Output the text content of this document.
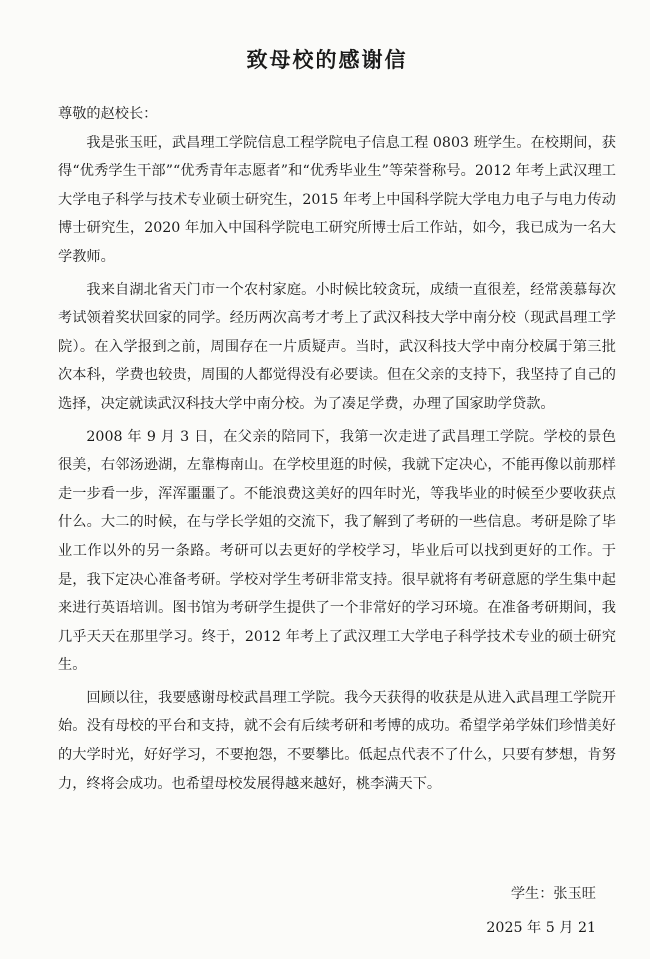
致母校的感谢信

尊敬的赵校长：

我是张玉旺，武昌理工学院信息工程学院电子信息工程 0803 班学生。在校期间，获得“优秀学生干部”“优秀青年志愿者”和“优秀毕业生”等荣誉称号。2012 年考上武汉理工大学电子科学与技术专业硕士研究生，2015 年考上中国科学院大学电力电子与电力传动博士研究生，2020 年加入中国科学院电工研究所博士后工作站，如今，我已成为一名大学教师。

我来自湖北省天门市一个农村家庭。小时候比较贪玩，成绩一直很差，经常羡慕每次考试领着奖状回家的同学。经历两次高考才考上了武汉科技大学中南分校（现武昌理工学院）。在入学报到之前，周围存在一片质疑声。当时，武汉科技大学中南分校属于第三批次本科，学费也较贵，周围的人都觉得没有必要读。但在父亲的支持下，我坚持了自己的选择，决定就读武汉科技大学中南分校。为了凑足学费，办理了国家助学贷款。

2008 年 9 月 3 日，在父亲的陪同下，我第一次走进了武昌理工学院。学校的景色很美，右邻汤逊湖，左靠梅南山。在学校里逛的时候，我就下定决心，不能再像以前那样走一步看一步，浑浑噩噩了。不能浪费这美好的四年时光，等我毕业的时候至少要收获点什么。大二的时候，在与学长学姐的交流下，我了解到了考研的一些信息。考研是除了毕业工作以外的另一条路。考研可以去更好的学校学习，毕业后可以找到更好的工作。于是，我下定决心准备考研。学校对学生考研非常支持。很早就将有考研意愿的学生集中起来进行英语培训。图书馆为考研学生提供了一个非常好的学习环境。在准备考研期间，我几乎天天在那里学习。终于，2012 年考上了武汉理工大学电子科学技术专业的硕士研究生。

回顾以往，我要感谢母校武昌理工学院。我今天获得的收获是从进入武昌理工学院开始。没有母校的平台和支持，就不会有后续考研和考博的成功。希望学弟学妹们珍惜美好的大学时光，好好学习，不要抱怨，不要攀比。低起点代表不了什么，只要有梦想，肯努力，终将会成功。也希望母校发展得越来越好，桃李满天下。

学生：张玉旺
2025 年 5 月 21
